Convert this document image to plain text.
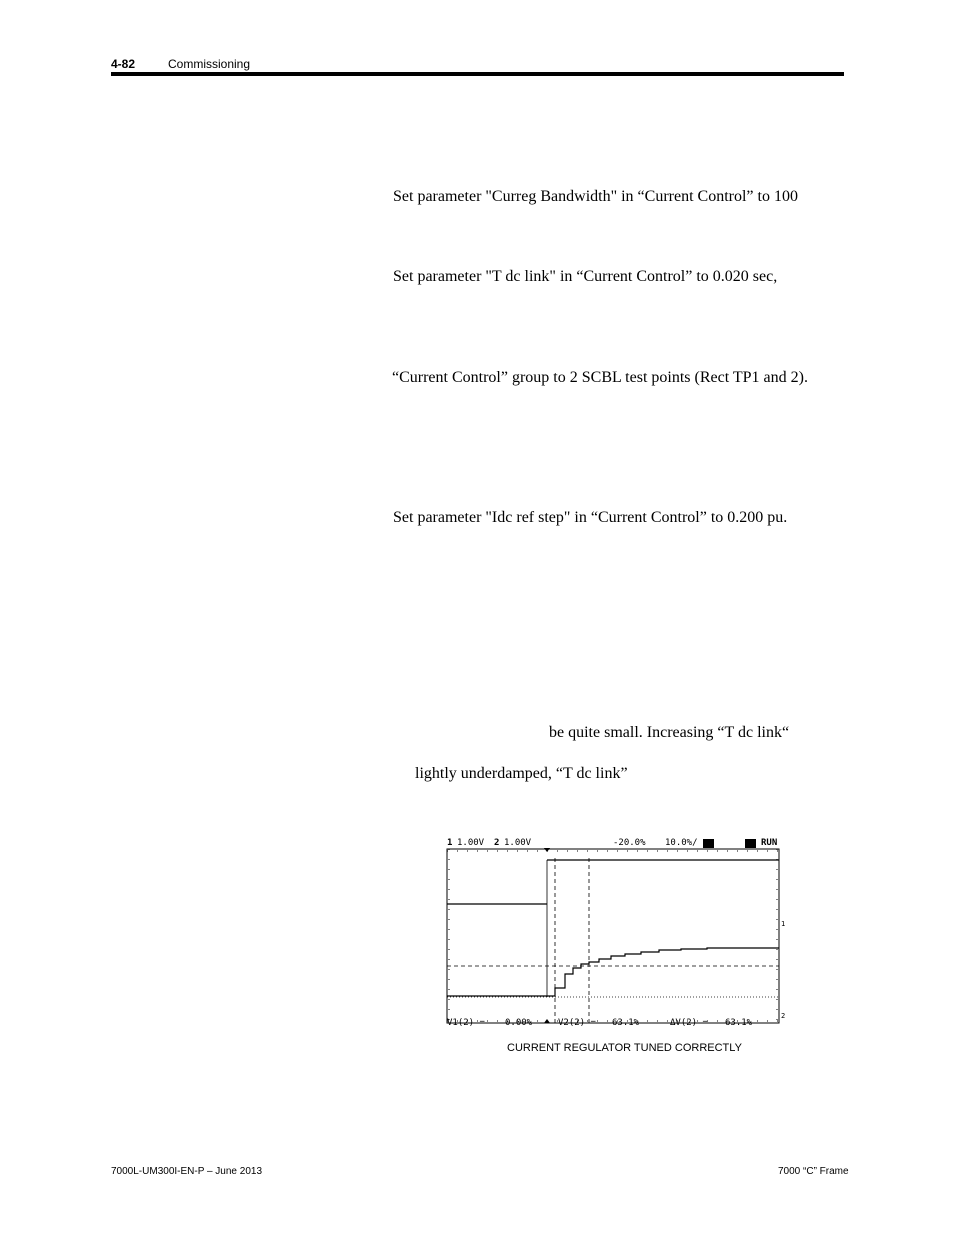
4-82	Commissioning
Set parameter "Curreg Bandwidth" in “Current Control” to 100
Set parameter "T dc link" in “Current Control” to 0.020 sec,
“Current Control” group to 2 SCBL test points (Rect TP1 and 2).
Set parameter "Idc ref step" in “Current Control” to 0.200 pu.
be quite small. Increasing “T dc link“
lightly underdamped, “T dc link”
1 1.00V 2 1.00V	-20.0% 10.0%/	RUN
1
2
V1(2) = 0.00%	V2(2) = 63.1%	ΔV(2) = 63.1%
CURRENT REGULATOR TUNED CORRECTLY
7000L-UM300I-EN-P – June 2013	7000 “C” Frame
